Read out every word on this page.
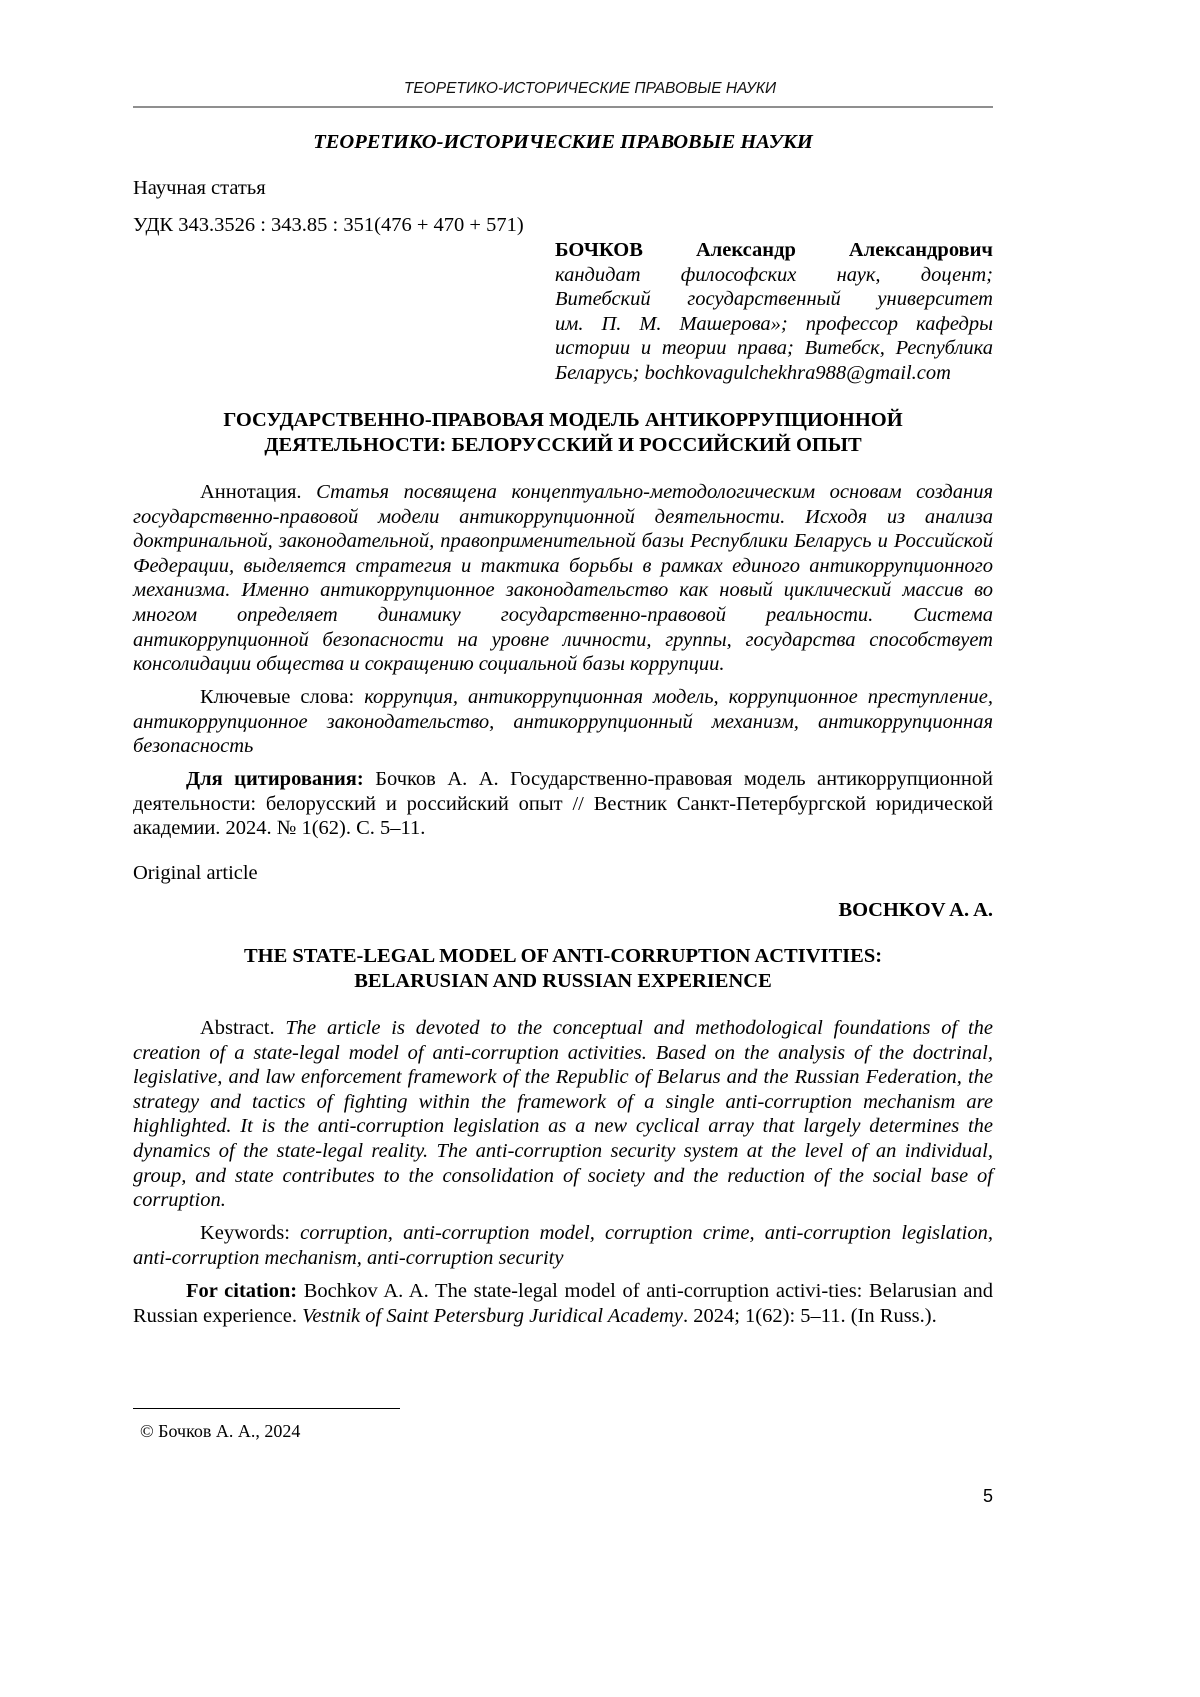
ТЕОРЕТИКО-ИСТОРИЧЕСКИЕ ПРАВОВЫЕ НАУКИ
ТЕОРЕТИКО-ИСТОРИЧЕСКИЕ ПРАВОВЫЕ НАУКИ
Научная статья
УДК 343.3526 : 343.85 : 351(476 + 470 + 571)
БОЧКОВ Александр Александрович
кандидат философских наук, доцент;
Витебский государственный университет
им. П. М. Машерова»; профессор кафедры
истории и теории права; Витебск, Республика
Беларусь; bochkovagulchekhra988@gmail.com
ГОСУДАРСТВЕННО-ПРАВОВАЯ МОДЕЛЬ АНТИКОРРУПЦИОННОЙ
ДЕЯТЕЛЬНОСТИ: БЕЛОРУССКИЙ И РОССИЙСКИЙ ОПЫТ
Аннотация. Статья посвящена концептуально-методологическим основам создания государственно-правовой модели антикоррупционной деятельности. Исходя из анализа доктринальной, законодательной, правоприменительной базы Республики Беларусь и Российской Федерации, выделяется стратегия и тактика борьбы в рамках единого антикоррупционного механизма. Именно антикоррупционное законодательство как новый циклический массив во многом определяет динамику государственно-правовой реальности. Система антикоррупционной безопасности на уровне личности, группы, государства способствует консолидации общества и сокращению социальной базы коррупции.
Ключевые слова: коррупция, антикоррупционная модель, коррупционное преступление, антикоррупционное законодательство, антикоррупционный механизм, антикоррупционная безопасность
Для цитирования: Бочков А. А. Государственно-правовая модель антикоррупционной деятельности: белорусский и российский опыт // Вестник Санкт-Петербургской юридической академии. 2024. № 1(62). С. 5–11.
Original article
BOCHKOV A. A.
THE STATE-LEGAL MODEL OF ANTI-CORRUPTION ACTIVITIES:
BELARUSIAN AND RUSSIAN EXPERIENCE
Abstract. The article is devoted to the conceptual and methodological foundations of the creation of a state-legal model of anti-corruption activities. Based on the analysis of the doctrinal, legislative, and law enforcement framework of the Republic of Belarus and the Russian Federation, the strategy and tactics of fighting within the framework of a single anti-corruption mechanism are highlighted. It is the anti-corruption legislation as a new cyclical array that largely determines the dynamics of the state-legal reality. The anti-corruption security system at the level of an individual, group, and state contributes to the consolidation of society and the reduction of the social base of corruption.
Keywords: corruption, anti-corruption model, corruption crime, anti-corruption legislation, anti-corruption mechanism, anti-corruption security
For citation: Bochkov A. A. The state-legal model of anti-corruption activi-ties: Belarusian and Russian experience. Vestnik of Saint Petersburg Juridical Academy. 2024; 1(62): 5–11. (In Russ.).
© Бочков А. А., 2024
5
